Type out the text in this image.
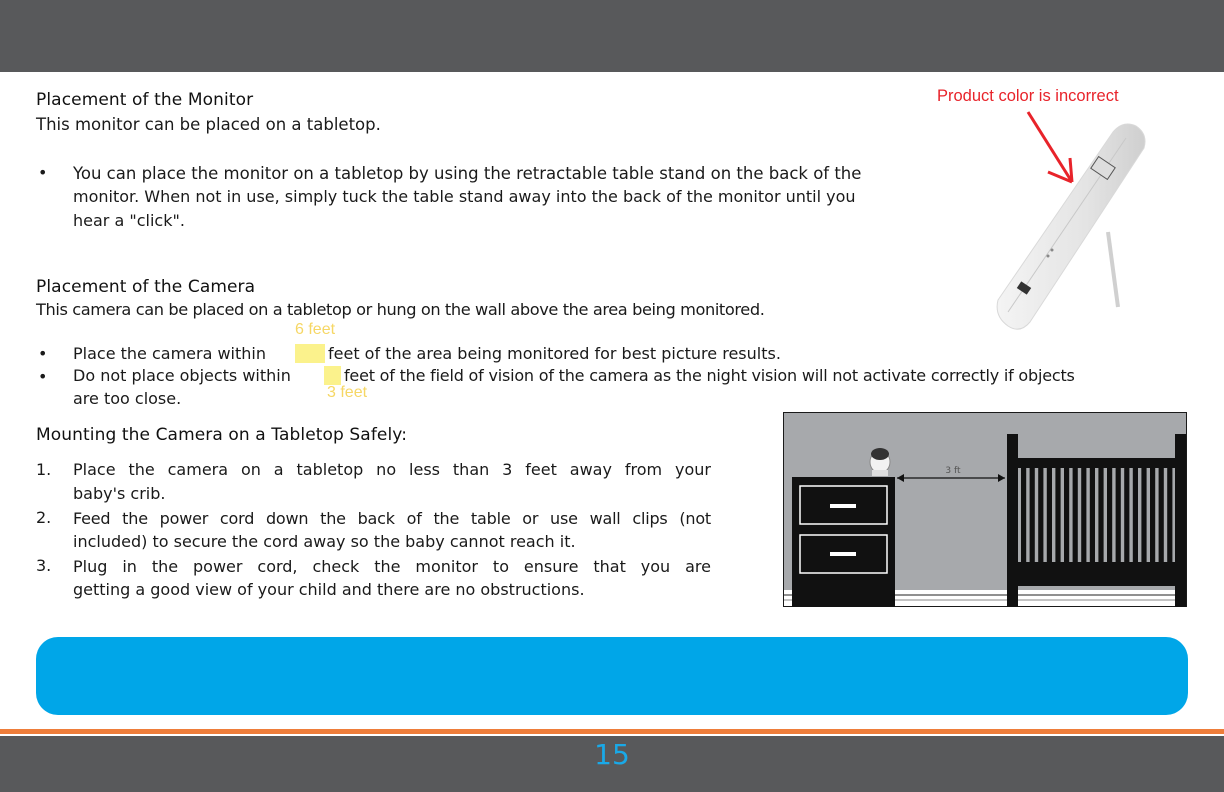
Placement of the Monitor
This monitor can be placed on a tabletop.
• You can place the monitor on a tabletop by using the retractable table stand on the back of the
monitor. When not in use, simply tuck the table stand away into the back of the monitor until you
hear a "click".
Product color is incorrect
Placement of the Camera
This camera can be placed on a tabletop or hung on the wall above the area being monitored.
6 feet
• Place the camera within	feet of the area being monitored for best picture results.
• Do not place objects within	feet of the field of vision of the camera as the night vision will not activate correctly if objects
are too close.	3 feet
Mounting the Camera on a Tabletop Safely:
1. Place the camera on a tabletop no less than 3 feet away from your
baby's crib.
2. Feed the power cord down the back of the table or use wall clips (not
included) to secure the cord away so the baby cannot reach it.
3. Plug in the power cord, check the monitor to ensure that you are
getting a good view of your child and there are no obstructions.
3 ft
15
